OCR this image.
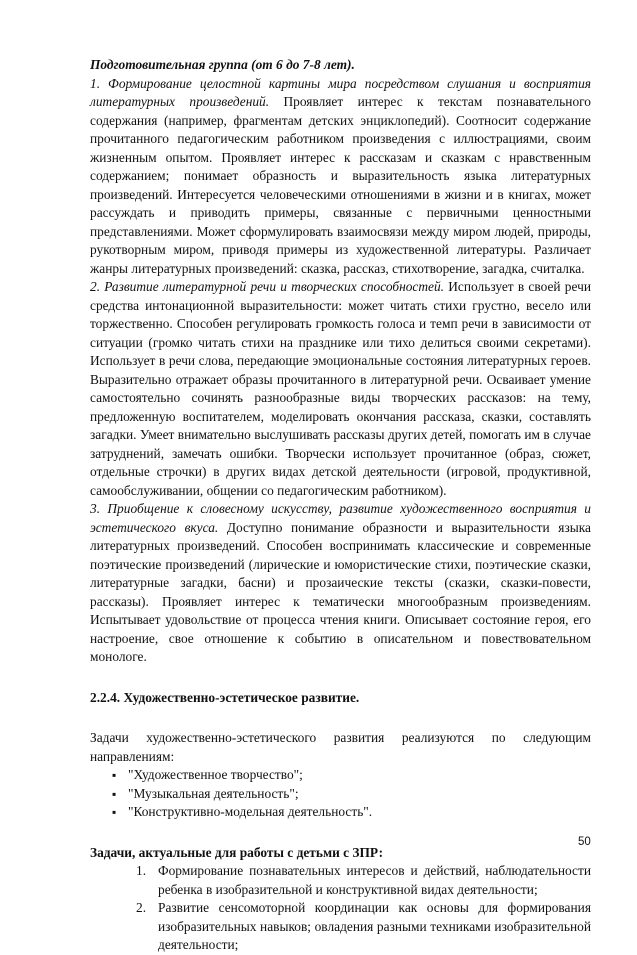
Подготовительная группа (от 6 до 7-8 лет).

1. Формирование целостной картины мира посредством слушания и восприятия литературных произведений. Проявляет интерес к текстам познавательного содержания (например, фрагментам детских энциклопедий). Соотносит содержание прочитанного педагогическим работником произведения с иллюстрациями, своим жизненным опытом. Проявляет интерес к рассказам и сказкам с нравственным содержанием; понимает образность и выразительность языка литературных произведений. Интересуется человеческими отношениями в жизни и в книгах, может рассуждать и приводить примеры, связанные с первичными ценностными представлениями. Может сформулировать взаимосвязи между миром людей, природы, рукотворным миром, приводя примеры из художественной литературы. Различает жанры литературных произведений: сказка, рассказ, стихотворение, загадка, считалка.

2. Развитие литературной речи и творческих способностей. Использует в своей речи средства интонационной выразительности: может читать стихи грустно, весело или торжественно. Способен регулировать громкость голоса и темп речи в зависимости от ситуации (громко читать стихи на празднике или тихо делиться своими секретами). Использует в речи слова, передающие эмоциональные состояния литературных героев. Выразительно отражает образы прочитанного в литературной речи. Осваивает умение самостоятельно сочинять разнообразные виды творческих рассказов: на тему, предложенную воспитателем, моделировать окончания рассказа, сказки, составлять загадки. Умеет внимательно выслушивать рассказы других детей, помогать им в случае затруднений, замечать ошибки. Творчески использует прочитанное (образ, сюжет, отдельные строчки) в других видах детской деятельности (игровой, продуктивной, самообслуживании, общении со педагогическим работником).

3. Приобщение к словесному искусству, развитие художественного восприятия и эстетического вкуса. Доступно понимание образности и выразительности языка литературных произведений. Способен воспринимать классические и современные поэтические произведений (лирические и юмористические стихи, поэтические сказки, литературные загадки, басни) и прозаические тексты (сказки, сказки-повести, рассказы). Проявляет интерес к тематически многообразным произведениям. Испытывает удовольствие от процесса чтения книги. Описывает состояние героя, его настроение, свое отношение к событию в описательном и повествовательном монологе.

2.2.4. Художественно-эстетическое развитие.

Задачи художественно-эстетического развития реализуются по следующим направлениям:

▪ "Художественное творчество";
▪ "Музыкальная деятельность";
▪ "Конструктивно-модельная деятельность".

Задачи, актуальные для работы с детьми с ЗПР:

1. Формирование познавательных интересов и действий, наблюдательности ребенка в изобразительной и конструктивной видах деятельности;
2. Развитие сенсомоторной координации как основы для формирования изобразительных навыков; овладения разными техниками изобразительной деятельности;
50
